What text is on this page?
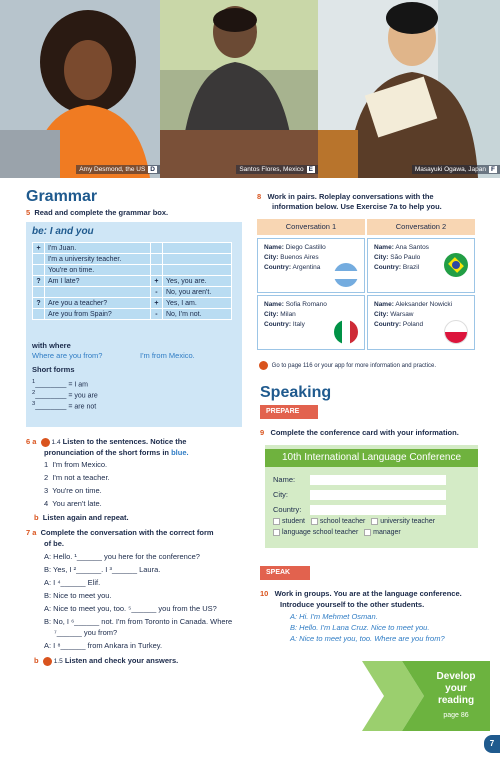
Amy Desmond, the US D	Santos Flores, Mexico E	Masayuki Ogawa, Japan F
Grammar
5 Read and complete the grammar box.
be: I and you
+	I'm Juan.		
	I'm a university teacher.		
	You're on time.		
?	Am I late?	+	Yes, you are.
		-	No, you aren't.
?	Are you a teacher?	+	Yes, I am.
	Are you from Spain?	-	No, I'm not.
with where
Where are you from?	I'm from Mexico.
Short forms
$^1$________ = I am
$^2$________ = you are
$^3$________ = are not
6 a 1.4 Listen to the sentences. Notice the
pronunciation of the short forms in blue.
1 I'm from Mexico.
2 I'm not a teacher.
3 You're on time.
4 You aren't late.
b Listen again and repeat.
7 a Complete the conversation with the correct form
of be.
A: Hello. ¹______ you here for the conference?
B: Yes, I ²______. I ³______ Laura.
A: I ⁴______ Elif.
B: Nice to meet you.
A: Nice to meet you, too. ⁵______ you from the US?
B: No, I ⁶______ not. I'm from Toronto in Canada. Where
⁷______ you from?
A: I ⁸______ from Ankara in Turkey.
b 1.5 Listen and check your answers.
8 Work in pairs. Roleplay conversations with the
information below. Use Exercise 7a to help you.
Conversation 1	Conversation 2
Name: Diego Castillo
City: Buenos Aires
Country: Argentina
Name: Ana Santos
City: São Paulo
Country: Brazil
Name: Sofia Romano
City: Milan
Country: Italy
Name: Aleksander Nowicki
City: Warsaw
Country: Poland
Go to page 116 or your app for more information and practice.
Speaking
PREPARE
9 Complete the conference card with your information.
10th International Language Conference
Name:
City:
Country:
student school teacher university teacher
language school teacher manager
SPEAK
10 Work in groups. You are at the language conference.
Introduce yourself to the other students.
A: Hi. I'm Mehmet Osman.
B: Hello. I'm Lana Cruz. Nice to meet you.
A: Nice to meet you, too. Where are you from?
Develop
your
reading
page 86
7
